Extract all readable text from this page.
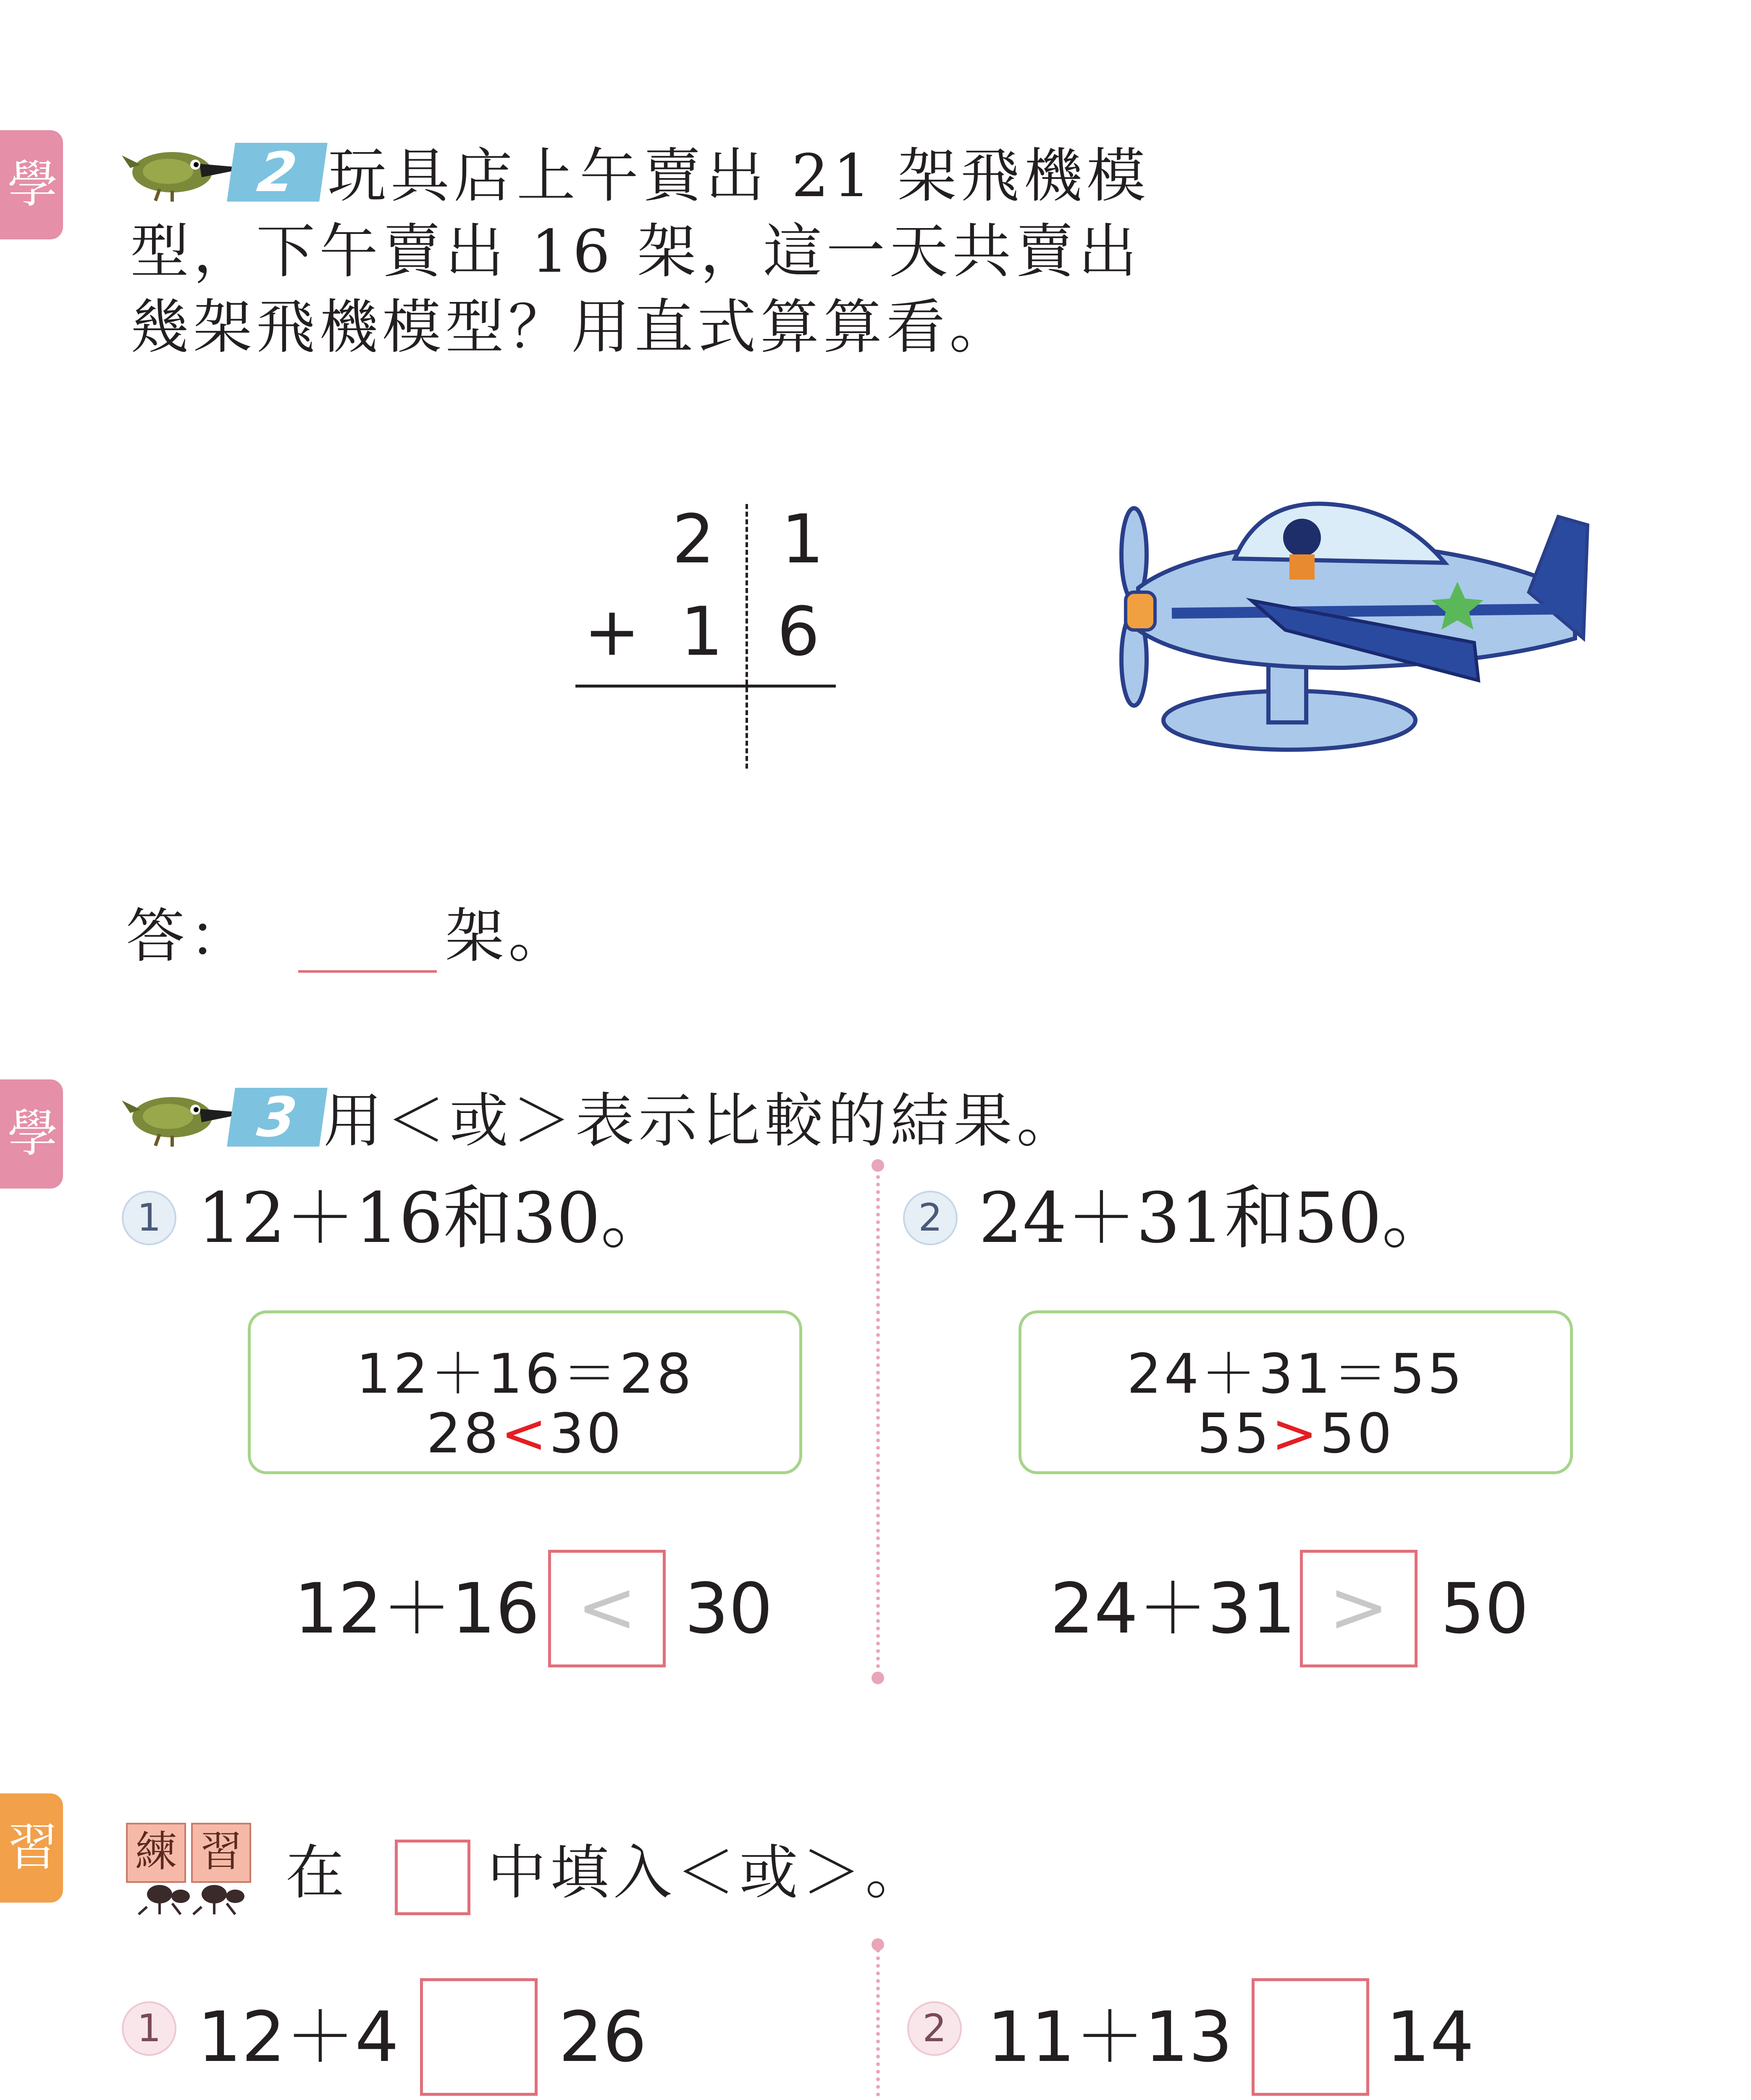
學
學
習
2 玩具店上午賣出 21 架飛機模
型，下午賣出 16 架，這一天共賣出
幾架飛機模型？用直式算算看。
2 1
+ 1 6
答：	架。
3 用＜或＞表示比較的結果。
1 12＋16和30。
12＋16＝28
28<30
12＋16 < 30
2 24＋31和50。
24＋31＝55
55>50
24＋31 > 50
練 習 在 中填入＜或＞。
1 12＋4 26	2 11＋13 14
